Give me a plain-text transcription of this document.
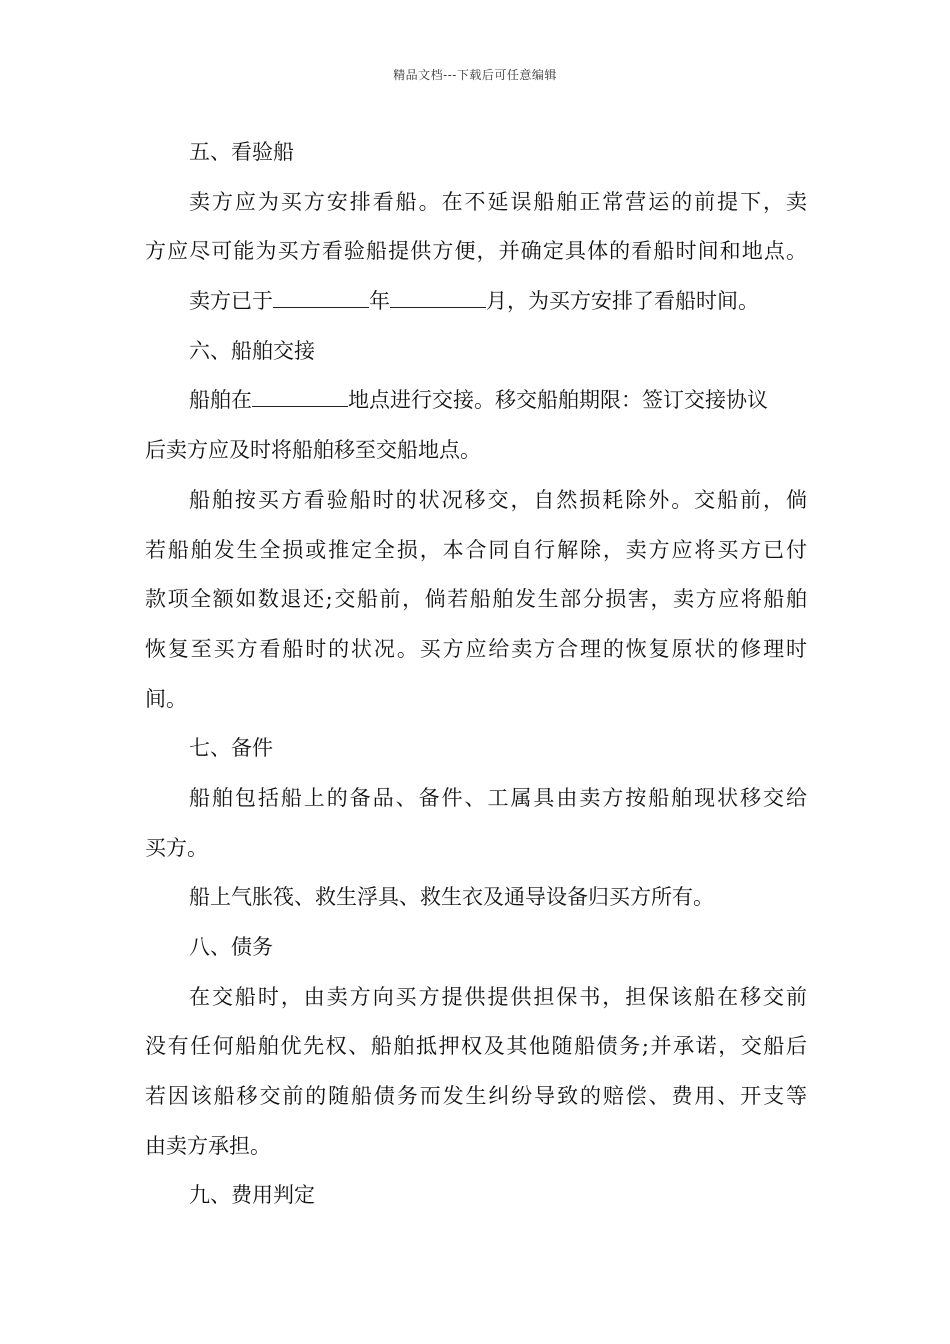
精品文档---下载后可任意编辑
五、看验船
卖方应为买方安排看船。在不延误船舶正常营运的前提下，卖
方应尽可能为买方看验船提供方便，并确定具体的看船时间和地点。
卖方已于	年	月，为买方安排了看船时间。
六、船舶交接
船舶在	地点进行交接。移交船舶期限：签订交接协议
后卖方应及时将船舶移至交船地点。
船舶按买方看验船时的状况移交，自然损耗除外。交船前，倘
若船舶发生全损或推定全损，本合同自行解除，卖方应将买方已付
款项全额如数退还;交船前，倘若船舶发生部分损害，卖方应将船舶
恢复至买方看船时的状况。买方应给卖方合理的恢复原状的修理时
间。
七、备件
船舶包括船上的备品、备件、工属具由卖方按船舶现状移交给
买方。
船上气胀筏、救生浮具、救生衣及通导设备归买方所有。
八、债务
在交船时，由卖方向买方提供提供担保书，担保该船在移交前
没有任何船舶优先权、船舶抵押权及其他随船债务;并承诺，交船后
若因该船移交前的随船债务而发生纠纷导致的赔偿、费用、开支等
由卖方承担。
九、费用判定
